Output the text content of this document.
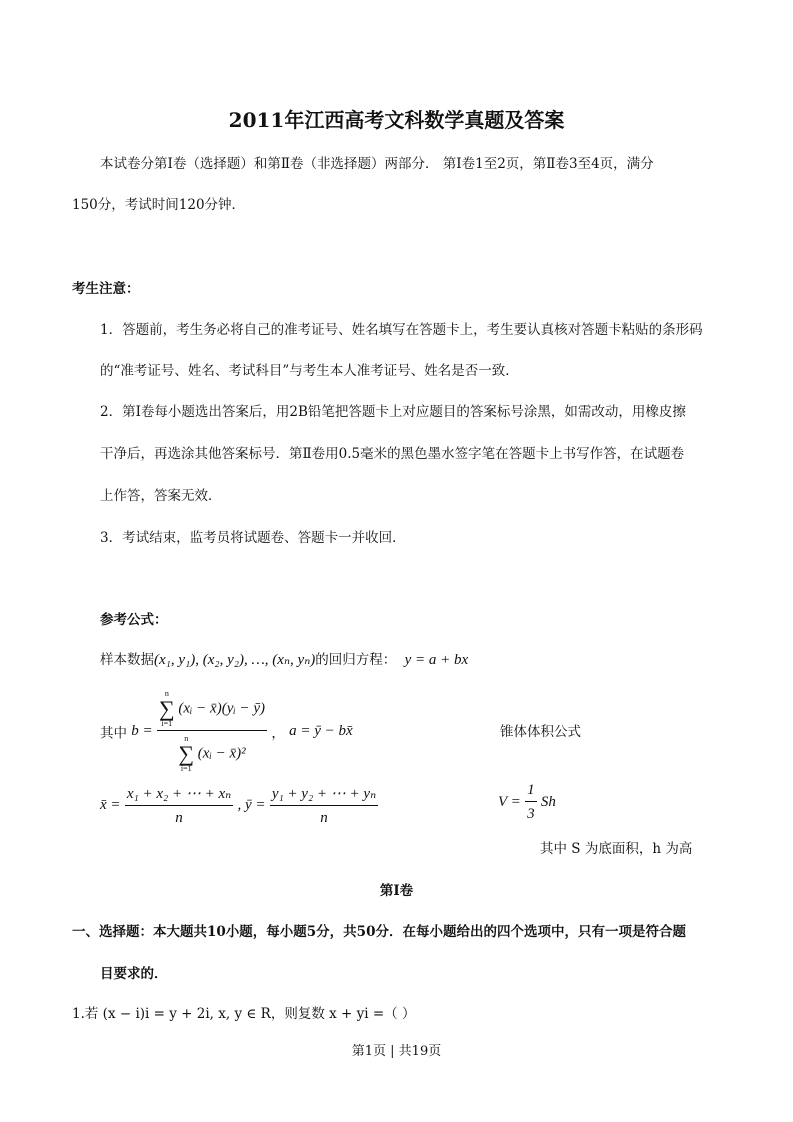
2011年江西高考文科数学真题及答案
本试卷分第Ⅰ卷（选择题）和第Ⅱ卷（非选择题）两部分． 第Ⅰ卷1至2页，第Ⅱ卷3至4页，满分
150分，考试时间120分钟．
考生注意：
1．答题前，考生务必将自己的准考证号、姓名填写在答题卡上，考生要认真核对答题卡粘贴的条形码
的“准考证号、姓名、考试科目”与考生本人准考证号、姓名是否一致．
2．第Ⅰ卷每小题选出答案后，用2B铅笔把答题卡上对应题目的答案标号涂黑，如需改动，用橡皮擦
干净后，再选涂其他答案标号．第Ⅱ卷用0.5毫米的黑色墨水签字笔在答题卡上书写作答，在试题卷
上作答，答案无效．
3．考试结束，监考员将试题卷、答题卡一并收回．
参考公式：
样本数据(x₁, y₁), (x₂, y₂), …, (xₙ, yₙ)的回归方程： y = a + bx
其中 b = n
∑
i=1
(xᵢ − x̄)(yᵢ − ȳ)
n
∑
i=1
(xᵢ − x̄)² ， a = ȳ − bx̄	锥体体积公式
x̄ = $\frac{\text{x₁ + x₂ + ⋯ + xₙ}}{n}$ , ȳ = $\frac{\text{y₁ + y₂ + ⋯ + yₙ}}{n}$	$V = \frac{1}{3}$ Sh
其中 S 为底面积，h 为高
第Ⅰ卷
一、选择题：本大题共10小题，每小题5分，共50分．在每小题给出的四个选项中，只有一项是符合题
目要求的．
1.若 (x − i)i = y + 2i, x, y ∈ R，则复数 x + yi =（ ）
第1页 | 共19页
